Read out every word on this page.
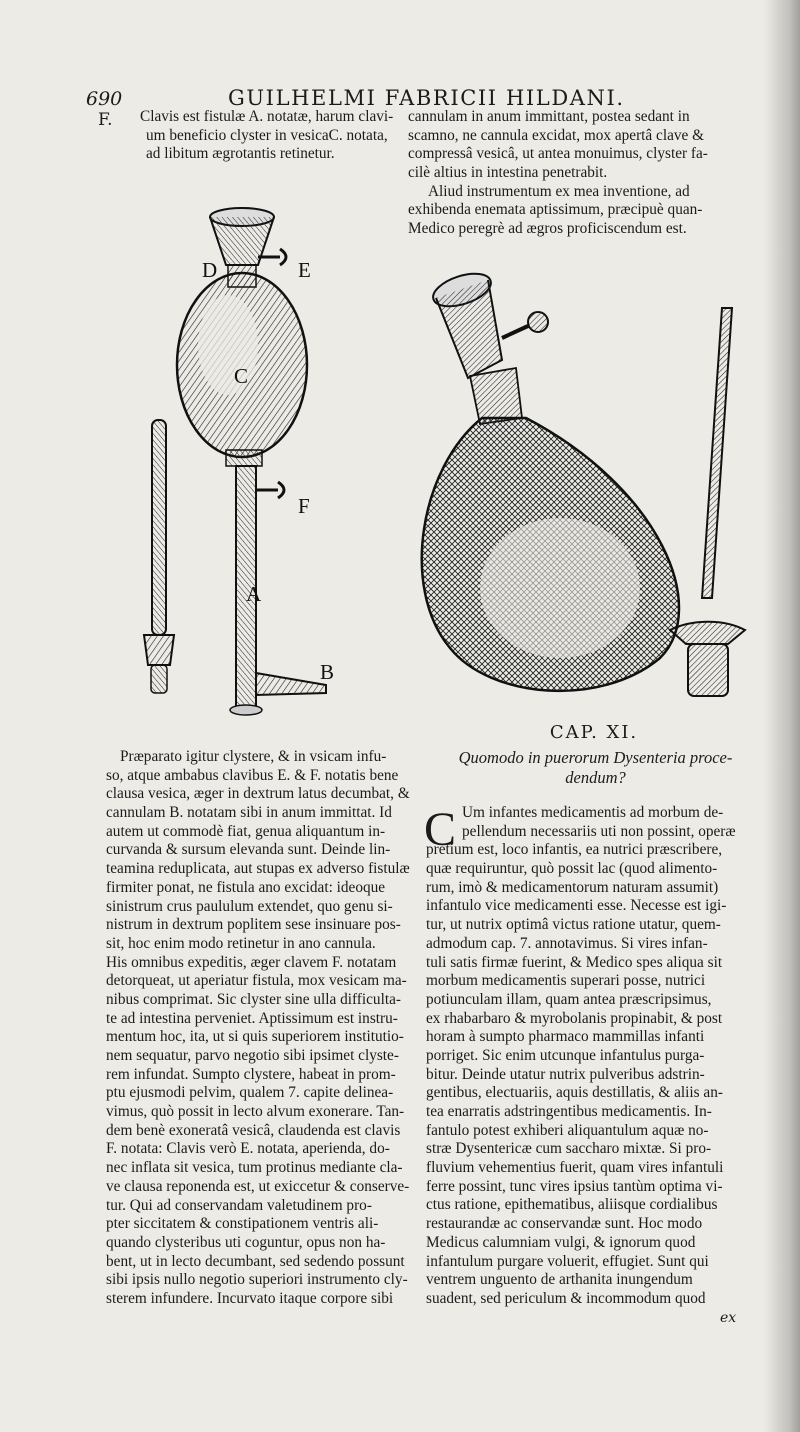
690	GUILHELMI FABRICII HILDANI.
F. Clavis est fistulæ A. notatæ, harum clavi-
um beneficio clyster in vesicaC. notata,
ad libitum ægrotantis retinetur.
cannulam in anum immittant, postea sedant in
scamno, ne cannula excidat, mox apertâ clave &
compressâ vesicâ, ut antea monuimus, clyster fa-
cilè altius in intestina penetrabit.
Aliud instrumentum ex mea inventione, ad
exhibenda enemata aptissimum, præcipuè quan-
Medico peregrè ad ægros proficiscendum est.
D	E
C
F
A
B
CAP. XI.
Quomodo in puerorum Dysenteria proce-
dendum?
Præparato igitur clystere, & in vsicam infu-
so, atque ambabus clavibus E. & F. notatis bene
clausa vesica, æger in dextrum latus decumbat, &
cannulam B. notatam sibi in anum immittat. Id
autem ut commodè fiat, genua aliquantum in-
curvanda & sursum elevanda sunt. Deinde lin-
teamina reduplicata, aut stupas ex adverso fistulæ
firmiter ponat, ne fistula ano excidat: ideoque
sinistrum crus paululum extendet, quo genu si-
nistrum in dextrum poplitem sese insinuare pos-
sit, hoc enim modo retinetur in ano cannula.
His omnibus expeditis, æger clavem F. notatam
detorqueat, ut aperiatur fistula, mox vesicam ma-
nibus comprimat. Sic clyster sine ulla difficulta-
te ad intestina perveniet. Aptissimum est instru-
mentum hoc, ita, ut si quis superiorem institutio-
nem sequatur, parvo negotio sibi ipsimet clyste-
rem infundat. Sumpto clystere, habeat in prom-
ptu ejusmodi pelvim, qualem 7. capite delinea-
vimus, quò possit in lecto alvum exonerare. Tan-
dem benè exoneratâ vesicâ, claudenda est clavis
F. notata: Clavis verò E. notata, aperienda, do-
nec inflata sit vesica, tum protinus mediante cla-
ve clausa reponenda est, ut exiccetur & conserve-
tur. Qui ad conservandam valetudinem pro-
pter siccitatem & constipationem ventris ali-
quando clysteribus uti coguntur, opus non ha-
bent, ut in lecto decumbant, sed sedendo possunt
sibi ipsis nullo negotio superiori instrumento cly-
sterem infundere. Incurvato itaque corpore sibi
C Um infantes medicamentis ad morbum de-
pellendum necessariis uti non possint, operæ
pretium est, loco infantis, ea nutrici præscribere,
quæ requiruntur, quò possit lac (quod alimento-
rum, imò & medicamentorum naturam assumit)
infantulo vice medicamenti esse. Necesse est igi-
tur, ut nutrix optimâ victus ratione utatur, quem-
admodum cap. 7. annotavimus. Si vires infan-
tuli satis firmæ fuerint, & Medico spes aliqua sit
morbum medicamentis superari posse, nutrici
potiunculam illam, quam antea præscripsimus,
ex rhabarbaro & myrobolanis propinabit, & post
horam à sumpto pharmaco mammillas infanti
porriget. Sic enim utcunque infantulus purga-
bitur. Deinde utatur nutrix pulveribus adstrin-
gentibus, electuariis, aquis destillatis, & aliis an-
tea enarratis adstringentibus medicamentis. In-
fantulo potest exhiberi aliquantulum aquæ no-
stræ Dysentericæ cum saccharo mixtæ. Si pro-
fluvium vehementius fuerit, quam vires infantuli
ferre possint, tunc vires ipsius tantùm optima vi-
ctus ratione, epithematibus, aliisque cordialibus
restaurandæ ac conservandæ sunt. Hoc modo
Medicus calumniam vulgi, & ignorum quod
infantulum purgare voluerit, effugiet. Sunt qui
ventrem unguento de arthanita inungendum
suadent, sed periculum & incommodum quod
ex
